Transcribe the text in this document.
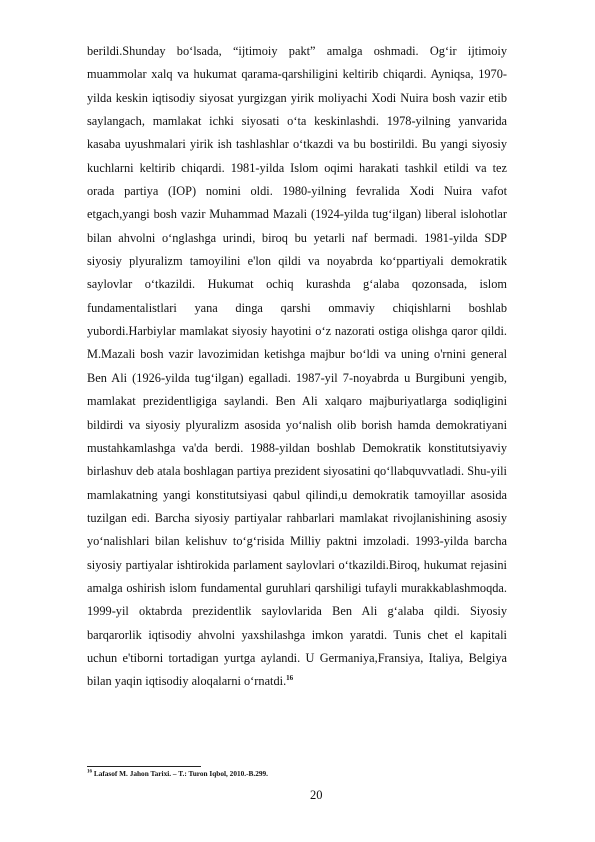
berildi.Shunday bo‘lsada, “ijtimoiy pakt” amalga oshmadi. Og‘ir ijtimoiy muammolar xalq va hukumat qarama-qarshiligini keltirib chiqardi. Ayniqsa, 1970-yilda keskin iqtisodiy siyosat yurgizgan yirik moliyachi Xodi Nuira bosh vazir etib saylangach, mamlakat ichki siyosati o‘ta keskinlashdi. 1978-yilning yanvarida kasaba uyushmalari yirik ish tashlashlar o‘tkazdi va bu bostirildi. Bu yangi siyosiy kuchlarni keltirib chiqardi. 1981-yilda Islom oqimi harakati tashkil etildi va tez orada partiya (IOP) nomini oldi. 1980-yilning fevralida Xodi Nuira vafot etgach,yangi bosh vazir Muhammad Mazali (1924-yilda tug‘ilgan) liberal islohotlar bilan ahvolni o‘nglashga urindi, biroq bu yetarli naf bermadi. 1981-yilda SDP siyosiy plyuralizm tamoyilini e'lon qildi va noyabrda ko‘ppartiyali demokratik saylovlar o‘tkazildi. Hukumat ochiq kurashda g‘alaba qozonsada, islom fundamentalistlari yana dinga qarshi ommaviy chiqishlarni boshlab yubordi.Harbiylar mamlakat siyosiy hayotini o‘z nazorati ostiga olishga qaror qildi. M.Mazali bosh vazir lavozimidan ketishga majbur bo‘ldi va uning o'rnini general Ben Ali (1926-yilda tug‘ilgan) egalladi. 1987-yil 7-noyabrda u Burgibuni yengib, mamlakat prezidentligiga saylandi. Ben Ali xalqaro majburiyatlarga sodiqligini bildirdi va siyosiy plyuralizm asosida yo‘nalish olib borish hamda demokratiyani mustahkamlashga va'da berdi. 1988-yildan boshlab Demokratik konstitutsiyaviy birlashuv deb atala boshlagan partiya prezident siyosatini qo‘llabquvvatladi. Shu-yili mamlakatning yangi konstitutsiyasi qabul qilindi,u demokratik tamoyillar asosida tuzilgan edi. Barcha siyosiy partiyalar rahbarlari mamlakat rivojlanishining asosiy yo‘nalishlari bilan kelishuv to‘g‘risida Milliy paktni imzoladi. 1993-yilda barcha siyosiy partiyalar ishtirokida parlament saylovlari o‘tkazildi.Biroq, hukumat rejasini amalga oshirish islom fundamental guruhlari qarshiligi tufayli murakkablashmoqda. 1999-yil oktabrda prezidentlik saylovlarida Ben Ali g‘alaba qildi. Siyosiy barqarorlik iqtisodiy ahvolni yaxshilashga imkon yaratdi. Tunis chet el kapitali uchun e'tiborni tortadigan yurtga aylandi. U Germaniya,Fransiya, Italiya, Belgiya bilan yaqin iqtisodiy aloqalarni o‘rnatdi.$^{16}$
$^{16}$ Lafasof M. Jahon Tarixi. – T.: Turon Iqbol, 2010.-B.299.
20
